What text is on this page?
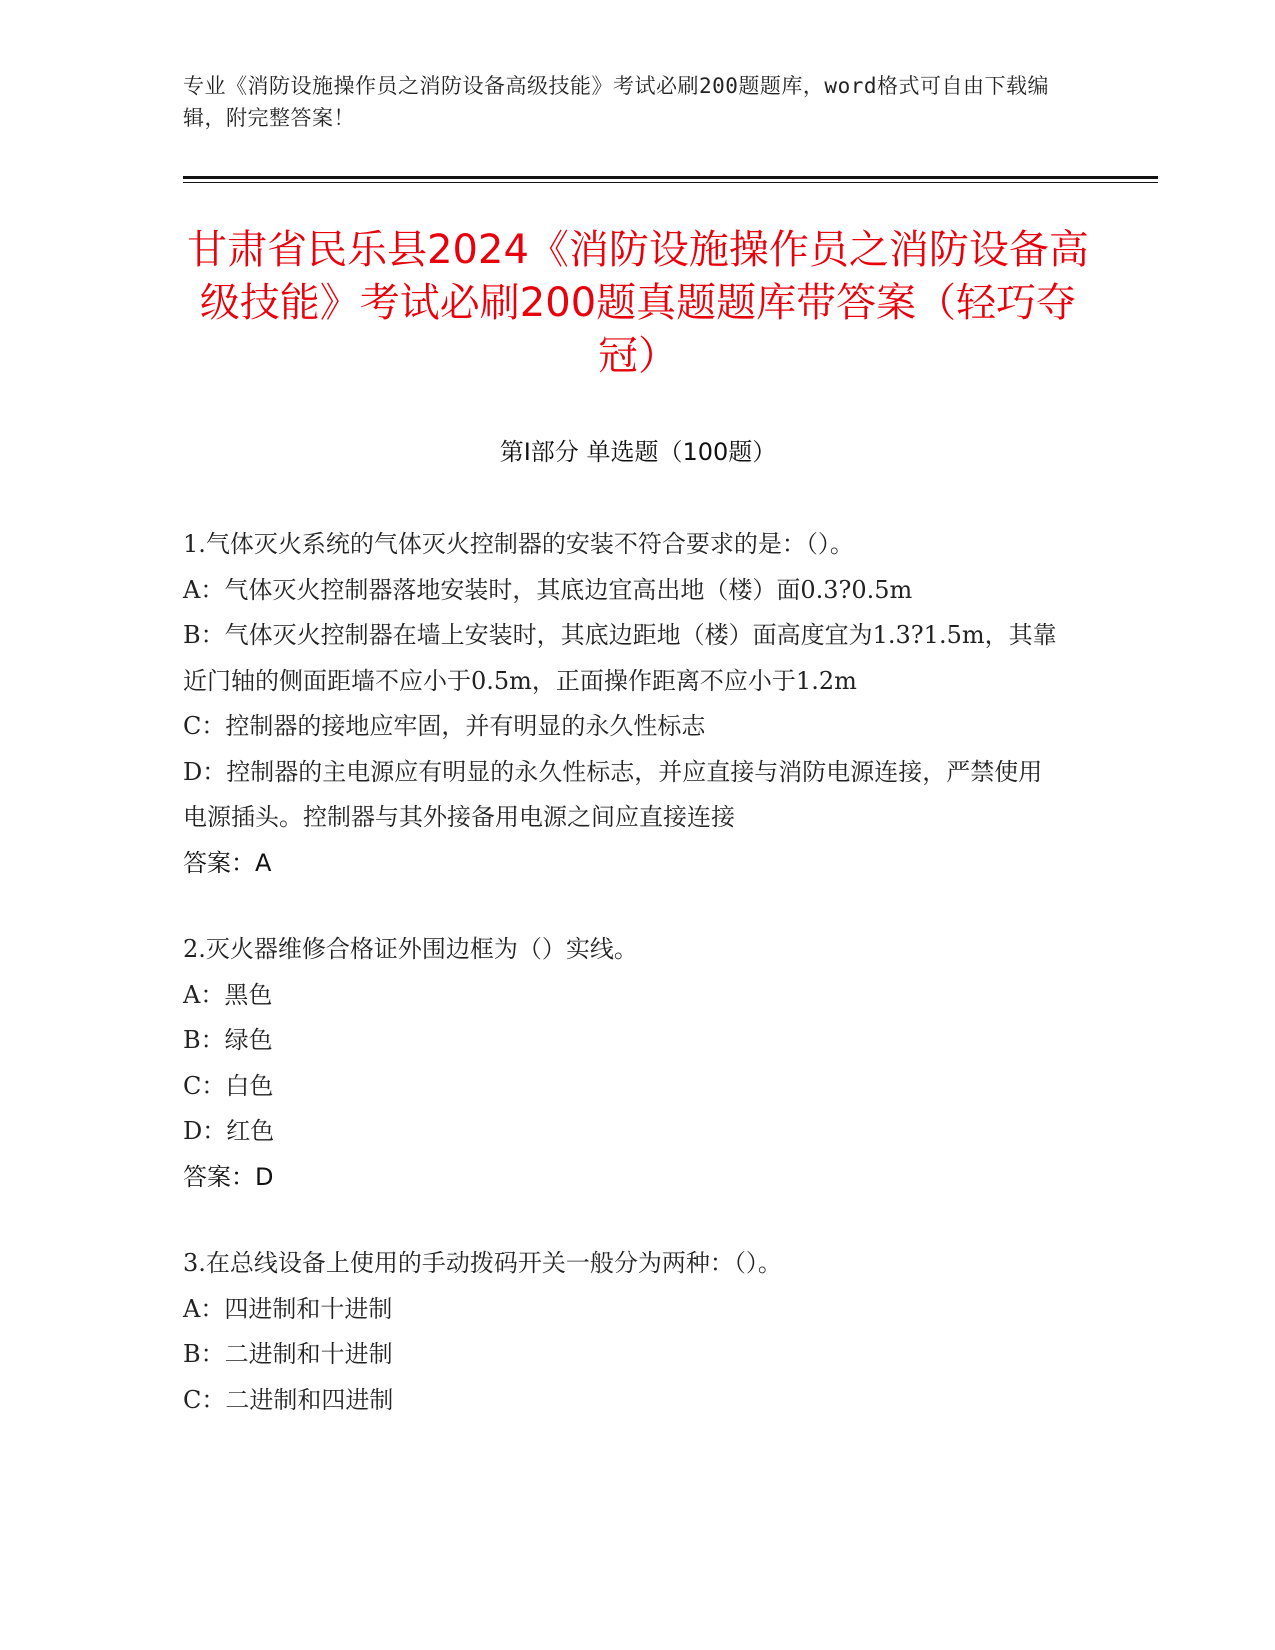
专业《消防设施操作员之消防设备高级技能》考试必刷200题题库，word格式可自由下载编辑，附完整答案！
甘肃省民乐县2024《消防设施操作员之消防设备高级技能》考试必刷200题真题题库带答案（轻巧夺冠）
第I部分 单选题（100题）
1.气体灭火系统的气体灭火控制器的安装不符合要求的是：（）。
A：气体灭火控制器落地安装时，其底边宜高出地（楼）面0.3?0.5m
B：气体灭火控制器在墙上安装时，其底边距地（楼）面高度宜为1.3?1.5m，其靠近门轴的侧面距墙不应小于0.5m，正面操作距离不应小于1.2m
C：控制器的接地应牢固，并有明显的永久性标志
D：控制器的主电源应有明显的永久性标志，并应直接与消防电源连接，严禁使用电源插头。控制器与其外接备用电源之间应直接连接
答案：A
2.灭火器维修合格证外围边框为（）实线。
A：黑色
B：绿色
C：白色
D：红色
答案：D
3.在总线设备上使用的手动拨码开关一般分为两种：（）。
A：四进制和十进制
B：二进制和十进制
C：二进制和四进制
